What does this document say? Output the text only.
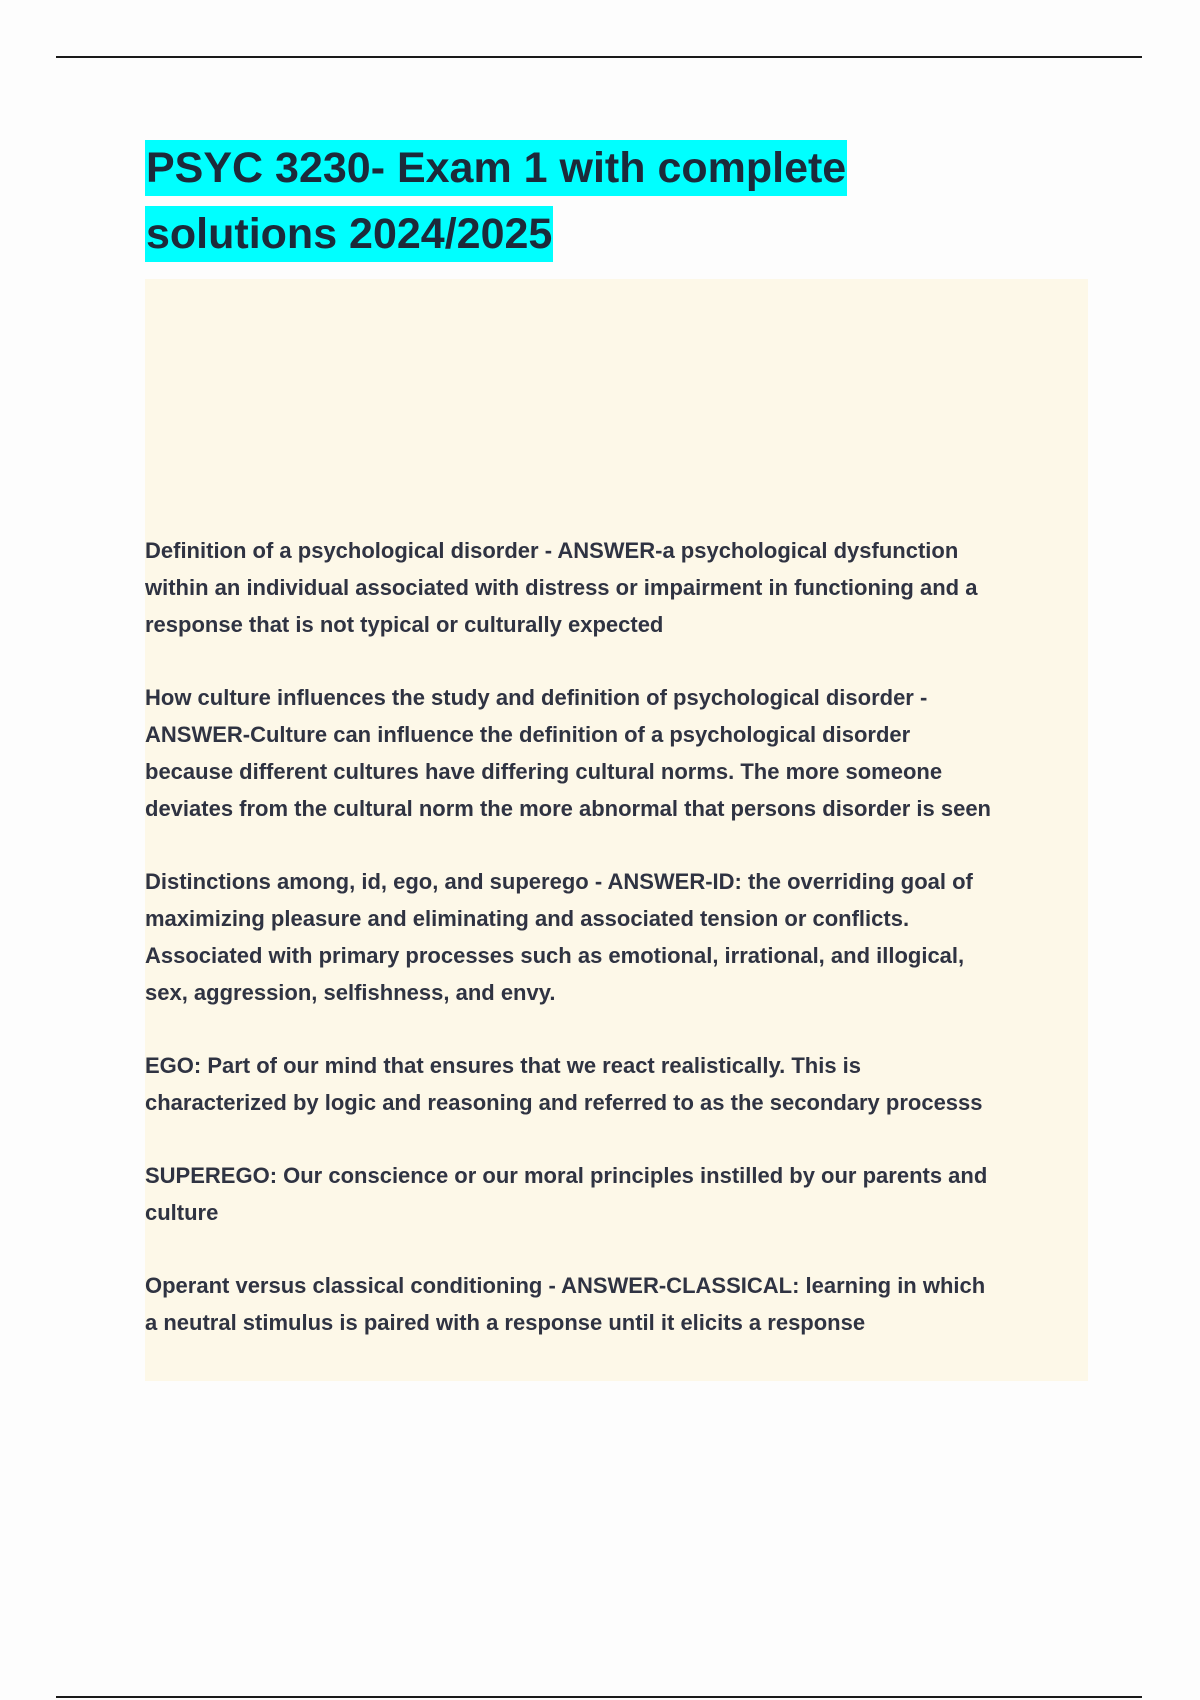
PSYC 3230- Exam 1 with complete
solutions 2024/2025

Definition of a psychological disorder - ANSWER-a psychological dysfunction
within an individual associated with distress or impairment in functioning and a
response that is not typical or culturally expected

How culture influences the study and definition of psychological disorder -
ANSWER-Culture can influence the definition of a psychological disorder
because different cultures have differing cultural norms. The more someone
deviates from the cultural norm the more abnormal that persons disorder is seen

Distinctions among, id, ego, and superego - ANSWER-ID: the overriding goal of
maximizing pleasure and eliminating and associated tension or conflicts.
Associated with primary processes such as emotional, irrational, and illogical,
sex, aggression, selfishness, and envy.

EGO: Part of our mind that ensures that we react realistically. This is
characterized by logic and reasoning and referred to as the secondary processs

SUPEREGO: Our conscience or our moral principles instilled by our parents and
culture

Operant versus classical conditioning - ANSWER-CLASSICAL: learning in which
a neutral stimulus is paired with a response until it elicits a response
